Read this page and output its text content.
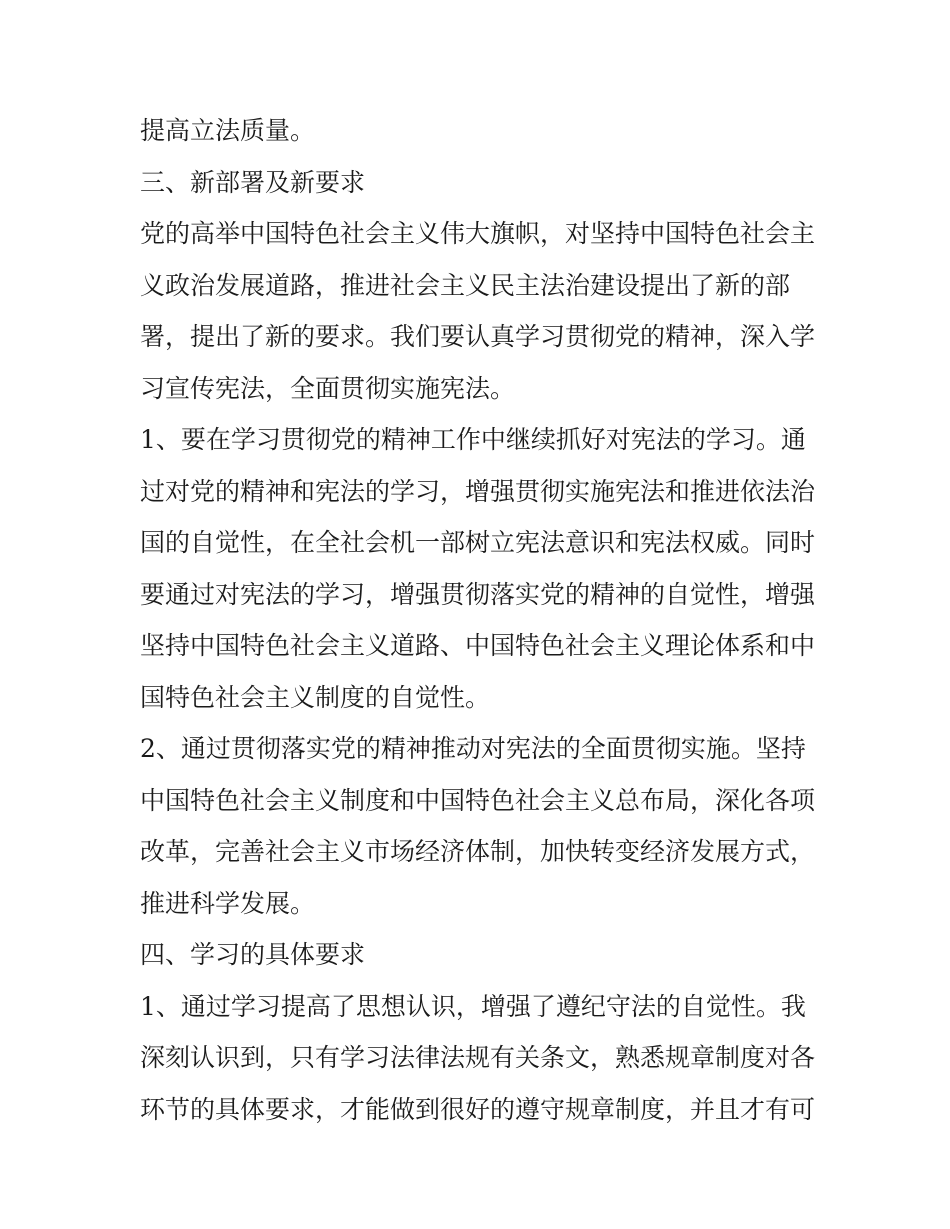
提高立法质量。
三、新部署及新要求
党的高举中国特色社会主义伟大旗帜，对坚持中国特色社会主
义政治发展道路，推进社会主义民主法治建设提出了新的部
署，提出了新的要求。我们要认真学习贯彻党的精神，深入学
习宣传宪法，全面贯彻实施宪法。
1、要在学习贯彻党的精神工作中继续抓好对宪法的学习。通
过对党的精神和宪法的学习，增强贯彻实施宪法和推进依法治
国的自觉性，在全社会机一部树立宪法意识和宪法权威。同时
要通过对宪法的学习，增强贯彻落实党的精神的自觉性，增强
坚持中国特色社会主义道路、中国特色社会主义理论体系和中
国特色社会主义制度的自觉性。
2、通过贯彻落实党的精神推动对宪法的全面贯彻实施。坚持
中国特色社会主义制度和中国特色社会主义总布局，深化各项
改革，完善社会主义市场经济体制，加快转变经济发展方式，
推进科学发展。
四、学习的具体要求
1、通过学习提高了思想认识，增强了遵纪守法的自觉性。我
深刻认识到，只有学习法律法规有关条文，熟悉规章制度对各
环节的具体要求，才能做到很好的遵守规章制度，并且才有可
